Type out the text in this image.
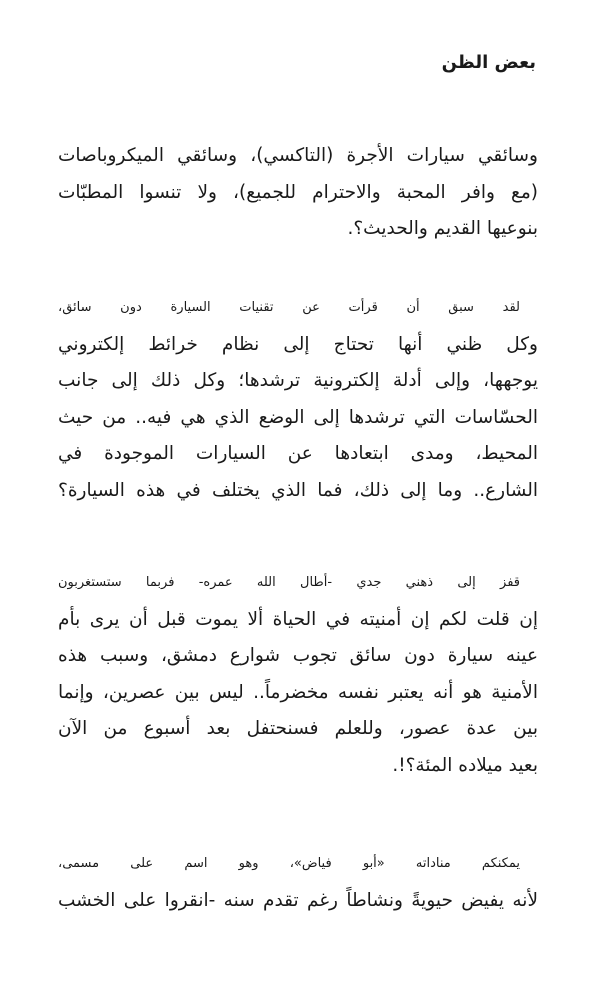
بعض الظن

وسائقي سيارات الأجرة (التاكسي)، وسائقي الميكروباصات
(مع وافر المحبة والاحترام للجميع)، ولا تنسوا المطبّات
بنوعيها القديم والحديث؟.

لقد سبق أن قرأت عن تقنيات السيارة دون سائق،
وكل ظني أنها تحتاج إلى نظام خرائط إلكتروني
يوجهها، وإلى أدلة إلكترونية ترشدها؛ وكل ذلك إلى جانب
الحسّاسات التي ترشدها إلى الوضع الذي هي فيه.. من حيث
المحيط، ومدى ابتعادها عن السيارات الموجودة في
الشارع.. وما إلى ذلك، فما الذي يختلف في هذه السيارة؟

قفز إلى ذهني جدي -أطال الله عمره- فربما ستستغربون
إن قلت لكم إن أمنيته في الحياة ألا يموت قبل أن يرى بأم
عينه سيارة دون سائق تجوب شوارع دمشق، وسبب هذه
الأمنية هو أنه يعتبر نفسه مخضرماً.. ليس بين عصرين، وإنما
بين عدة عصور، وللعلم فسنحتفل بعد أسبوع من الآن
بعيد ميلاده المئة؟!.

يمكنكم مناداته «أبو فياض»، وهو اسم على مسمى،
لأنه يفيض حيويةً ونشاطاً رغم تقدم سنه -انقروا على الخشب
